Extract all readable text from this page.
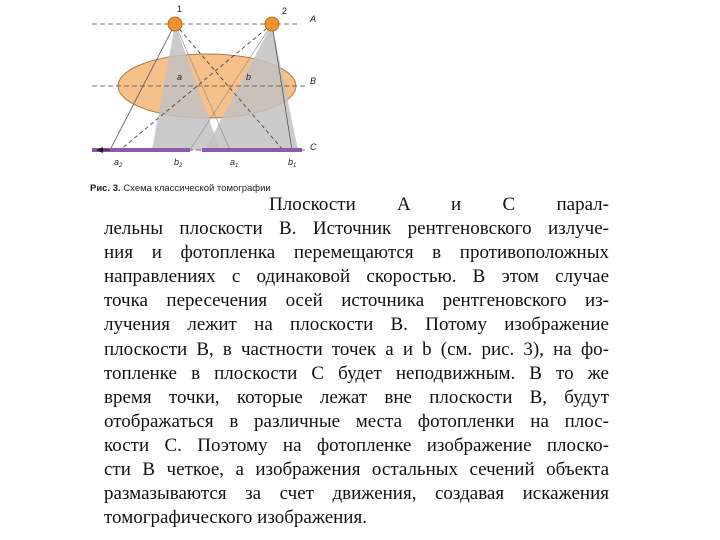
1	2
A
B
C
a	b
$a_2$	$b_2$	$a_1$	$b_1$
Рис. 3. Схема классической томографии
Плоскости A и C парал-
лельны плоскости B. Источник рентгеновского излуче-
ния и фотопленка перемещаются в противоположных
направлениях с одинаковой скоростью. В этом случае
точка пересечения осей источника рентгеновского из-
лучения лежит на плоскости B. Потому изображение
плоскости B, в частности точек a и b (см. рис. 3), на фо-
топленке в плоскости C будет неподвижным. В то же
время точки, которые лежат вне плоскости B, будут
отображаться в различные места фотопленки на плос-
кости C. Поэтому на фотопленке изображение плоско-
сти B четкое, а изображения остальных сечений объекта
размазываются за счет движения, создавая искажения
томографического изображения.
